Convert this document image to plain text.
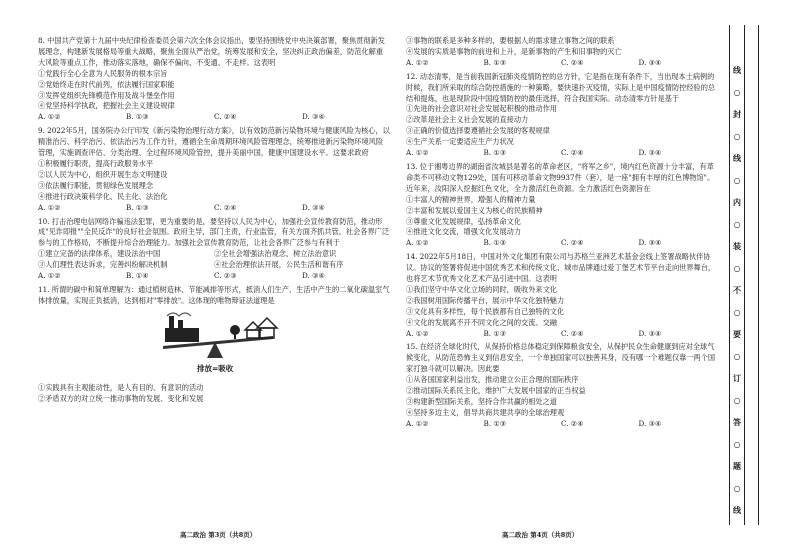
8. 中国共产党第十九届中央纪律检查委员会第六次全体会议指出，要坚持围绕党中央决策部署，聚焦贯彻新发展理念，构建新发展格局等重大战略，聚焦全面从严治党，统筹发展和安全，坚决纠正政治偏差，防范化解重大风险等重点工作，推动落实落地，确保不偏向、不变通、不走样。这表明

①党践行全心全意为人民服务的根本宗旨

②党始终走在时代前列，依法履行国家职能

③发挥党组织先锋模范作用及战斗堡垒作用

④党坚持科学执政，把握社会主义建设规律

A. ①②	B. ①③	C. ②④	D. ③④

9. 2022年5月，国务院办公厅印发《新污染物治理行动方案》，以有效防范新污染物环境与健康风险为核心，以精准治污、科学治污、依法治污为工作方针，遵循全生命周期环境风险管理理念，统筹推进新污染物环境风险管理，实施调查评估、分类治理、全过程环境风险管控，提升美丽中国，健康中国建设水平。这要求政府

①积极履行职责，提高行政服务水平

②以人民为中心，组织开展生态文明建设

③依法履行职能，贯彻绿色发展理念

④推进行政决策科学化、民主化、法治化

A. ①②	B. ①③	C. ②④	D. ③④

10. 打击治理电信网络诈骗违法犯罪，更为重要的是，要坚持以人民为中心，加强社会宣传教育防范，推动形成"见诈即报""全民反诈"的良好社会氛围。政府主导，部门主责，行业监管，有关方面齐抓共管，社会各界广泛参与的工作格局，不断提升综合治理能力。加强社会宣传教育防范，让社会各界广泛参与有利于

①建立完备的法律体系，建设法治中国	②全社会增强法治观念，树立法治意识
③人们理性表达诉求，完善纠纷解决机制	④社会治理依法开展，公民生活和谐有序
A. ①②	B. ①④	C. ②③	D. ③④

11. 所谓的碳中和简单理解为：通过植树造林、节能减排等形式，抵消人们生产、生活中产生的二氧化碳温室气体排放量，实现正负抵消，达到相对"零排放"。这体现的唯物辩证法道理是

排放=吸收

①实践具有主观能动性，是人有目的、有意识的活动

②矛盾双方的对立统一推动事物的发展、变化和发展

③事物的联系是多种多样的，要根据人的需求建立事物之间的联系

④发展的实质是事物的前进和上升，是新事物的产生和旧事物的灭亡

A. ①②	B. ①③	C. ②④	D. ③④

12. 动态清零，是当前我国新冠肺炎疫情防控的总方针，它是指在现有条件下，当出现本土病例的时候，我们所采取的综合防控措施的一种策略，要快速扑灭疫情，实际上是中国疫情防控经验的总结和提炼，也是现阶段中国疫情防控的最佳选择，符合我国实际。动态清零方针是基于

①先进的社会意识对社会发展起积极的推动作用

②改革是社会主义社会发展的直接动力

③正确的价值选择要遵循社会发展的客观规律

④生产关系一定要适应生产力状况

A. ①②	B. ①③	C. ②④	D. ③④

13. 位于湘粤边界的湖南省汝城县是著名的革命老区，"将军之乡"，境内红色资源十分丰富，有革命类不可移动文物129处，国有可移动革命文物9937件（套），是一座"拥有丰厚的红色博物馆"。近年来，汝阳深入挖掘红色文化，全力激活红色资源。全力激活红色资源旨在

①丰富人的精神世界，增强人的精神力量

②丰富和发展以爱国主义为核心的民族精神

③尊重文化发展规律，弘扬革命文化

④推进文化交流，增强文化发展动力

A. ①②	B. ①③	C. ②④	D. ③④

14. 2022年5月18日，中国对外文化集团有限公司与苏格兰亚洲艺术基金会线上签署战略伙伴协议。协议的签署将促进中国优秀艺术和传统文化、城市品牌通过爱丁堡艺术节平台走向世界舞台，也将艺术节优秀文化艺术产品引进中国。这表明

①我们坚守中华文化立场的同时，吸收外来文化

②我国树用国际传播平台，展示中华文化独特魅力

③文化具有多样性，每个民族都有自己独特的文化

④文化的发展离不开不同文化之间的交流、交融

A. ①②	B. ①③	C. ②④	D. ③④

15. 在经济全球化时代，从保持价格总体稳定到保障粮食安全，从保护民众生命健康到应对全球气候变化，从防范恐怖主义到信息安全，一个单独国家可以独善其身，没有哪一个难题仅靠一两个国家打独斗就可以解决。因此要

①从各国国家利益出发，推动建立公正合理的国际秩序

②推动国际关系民主化，维护广大发展中国家的正当权益

③构建新型国际关系，坚持合作共赢的相处之道

④坚持多边主义，倡导共商共建共享的全球治理观

A. ①②	B. ①③	C. ②④	D. ③④
高二政治 第3页（共8页）	高二政治 第4页（共8页）
线
○
封
○
线
○
内
○
装
○
不
○
要
○
订
○
答
○
题
○
线
